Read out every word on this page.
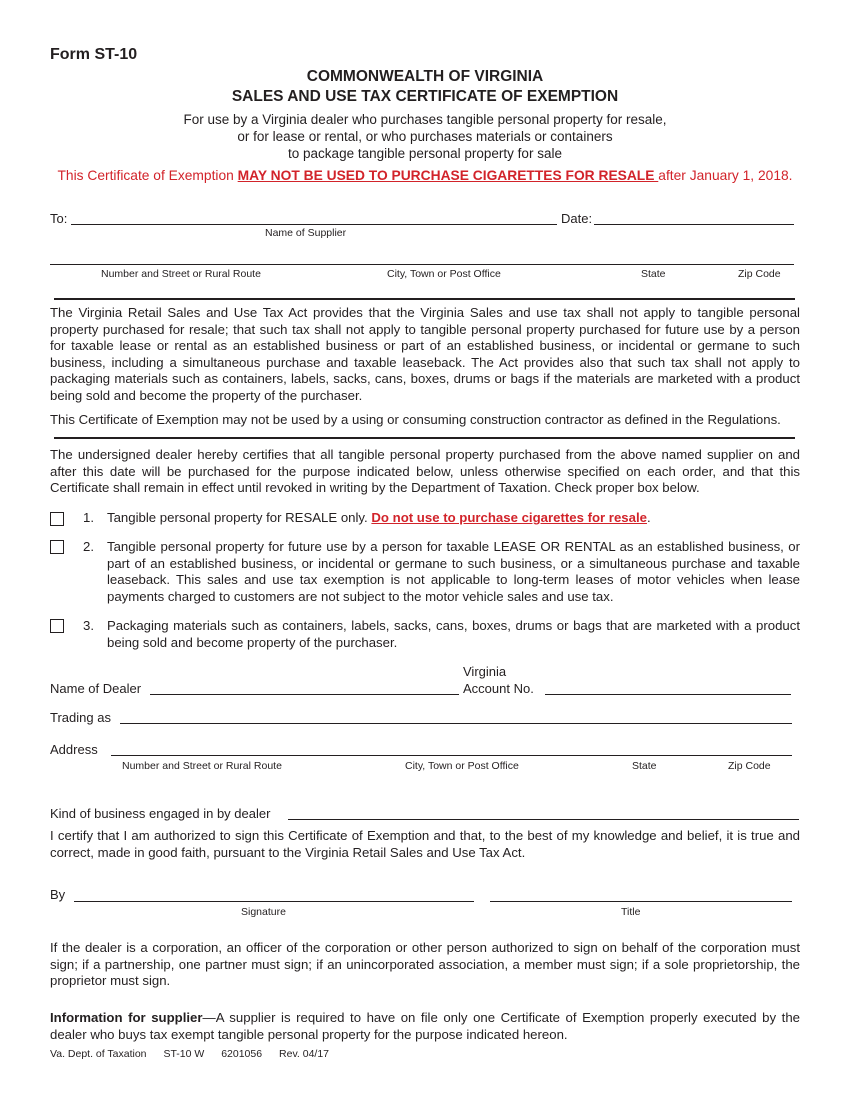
Form ST-10
COMMONWEALTH OF VIRGINIA
SALES AND USE TAX CERTIFICATE OF EXEMPTION
For use by a Virginia dealer who purchases tangible personal property for resale,
or for lease or rental, or who purchases materials or containers
to package tangible personal property for sale
This Certificate of Exemption MAY NOT BE USED TO PURCHASE CIGARETTES FOR RESALE after January 1, 2018.
To:	Date:
Name of Supplier
Number and Street or Rural Route	City, Town or Post Office	State	Zip Code
The Virginia Retail Sales and Use Tax Act provides that the Virginia Sales and use tax shall not apply to tangible personal property purchased for resale; that such tax shall not apply to tangible personal property purchased for future use by a person for taxable lease or rental as an established business or part of an established business, or incidental or germane to such business, including a simultaneous purchase and taxable leaseback. The Act provides also that such tax shall not apply to packaging materials such as containers, labels, sacks, cans, boxes, drums or bags if the materials are marketed with a product being sold and become the property of the purchaser.
This Certificate of Exemption may not be used by a using or consuming construction contractor as defined in the Regulations.
The undersigned dealer hereby certifies that all tangible personal property purchased from the above named supplier on and after this date will be purchased for the purpose indicated below, unless otherwise specified on each order, and that this Certificate shall remain in effect until revoked in writing by the Department of Taxation. Check proper box below.
1. Tangible personal property for RESALE only. Do not use to purchase cigarettes for resale.
2. Tangible personal property for future use by a person for taxable LEASE OR RENTAL as an established business, or part of an established business, or incidental or germane to such business, or a simultaneous purchase and taxable leaseback. This sales and use tax exemption is not applicable to long-term leases of motor vehicles when lease payments charged to customers are not subject to the motor vehicle sales and use tax.
3. Packaging materials such as containers, labels, sacks, cans, boxes, drums or bags that are marketed with a product being sold and become property of the purchaser.
Name of Dealer
Virginia
Account No.
Trading as
Address
Number and Street or Rural Route	City, Town or Post Office	State	Zip Code
Kind of business engaged in by dealer
I certify that I am authorized to sign this Certificate of Exemption and that, to the best of my knowledge and belief, it is true and correct, made in good faith, pursuant to the Virginia Retail Sales and Use Tax Act.
By
Signature	Title
If the dealer is a corporation, an officer of the corporation or other person authorized to sign on behalf of the corporation must sign; if a partnership, one partner must sign; if an unincorporated association, a member must sign; if a sole proprietorship, the proprietor must sign.
Information for supplier—A supplier is required to have on file only one Certificate of Exemption properly executed by the dealer who buys tax exempt tangible personal property for the purpose indicated hereon.
Va. Dept. of Taxation ST-10 W 6201056 Rev. 04/17
